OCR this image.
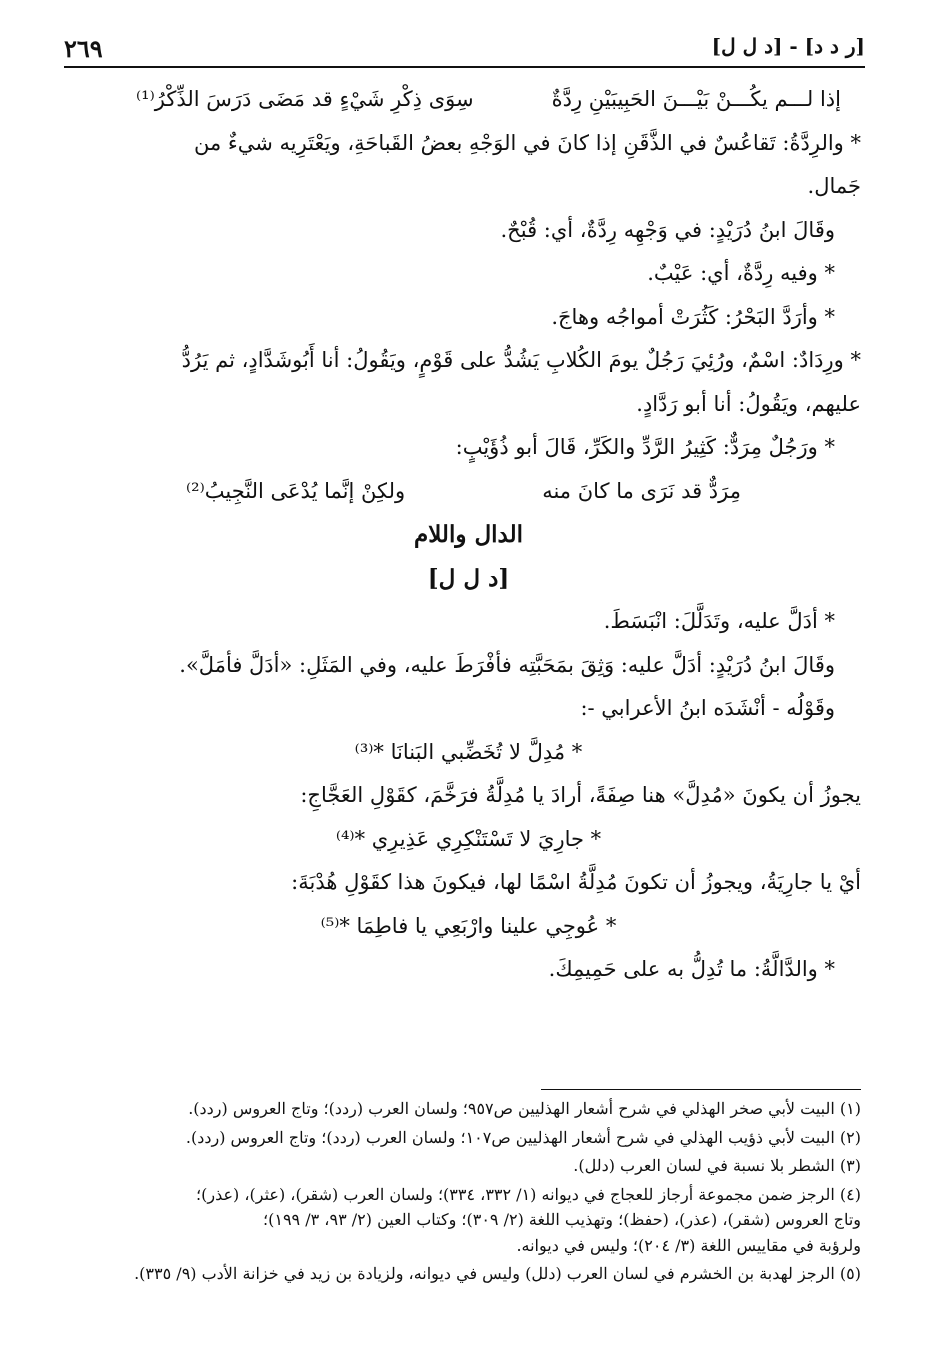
٢٦٩	[ر د د] - [د ل ل]
إذا لـــم يكُـــنْ بَيْـــنَ الحَبِيبَيْنِ رِدَّةٌ
سِوَى ذِكْرِ شَيْءٍ قد مَضَى دَرَسَ الذِّكْرُ⁽¹⁾
* والرِدَّةُ: تَقاعُسٌ في الذَّقَنِ إذا كانَ في الوَجْهِ بعضُ القَباحَةِ، ويَعْتَرِيه شيءٌ من
جَمال.
وقَالَ ابنُ دُرَيْدٍ: في وَجْهِه رِدَّةٌ، أي: قُبْحٌ.
* وفيه رِدَّةٌ، أي: عَيْبٌ.
* وأرَدَّ البَحْرُ: كَثُرَتْ أمواجُه وهاجَ.
* ورِدَادٌ: اسْمٌ، ورُئِيَ رَجُلٌ يومَ الكُلابِ يَشُدُّ على قَوْمٍ، ويَقُولُ: أنا أَبُوشَدَّادٍ، ثم يَرُدُّ
عليهم، ويَقُولُ: أنا أبو رَدَّادٍ.
* ورَجُلٌ مِرَدٌّ: كَثِيرُ الرَّدِّ والكَرِّ، قَالَ أبو ذُؤَيْبٍ:
مِرَدٌّ قد نَرَى ما كانَ منه
ولكِنْ إنَّما يُدْعَى النَّجِيبُ⁽²⁾
الدال واللام
[د ل ل]
* أدَلَّ عليه، وتَدَلَّلَ: انْبَسَطَ.
وقَالَ ابنُ دُرَيْدٍ: أدَلَّ عليه: وَثِقَ بمَحَبَّتِه فأفْرَطَ عليه، وفي المَثَلِ: «أدَلَّ فأمَلَّ».
وقَوْلُه - أنْشَدَه ابنُ الأعرابي -:
* مُدِلَّ لا تُخَضِّبي البَنانَا *⁽³⁾
يجوزُ أن يكونَ «مُدِلَّ» هنا صِفَةً، أرادَ يا مُدِلَّةُ فرَخَّمَ، كقَوْلِ العَجَّاجِ:
* جارِيَ لا تَسْتَنْكِرِي عَذِيرِي *⁽⁴⁾
أيْ يا جارِيَةُ، ويجوزُ أن تكونَ مُدِلَّةُ اسْمًا لها، فيكونَ هذا كقَوْلِ هُدْبَةَ:
* عُوجِي علينا وارْبَعِي يا فاطِمَا *⁽⁵⁾
* والدَّالَّةُ: ما تُدِلُّ به على حَمِيمِكَ.
(١) البيت لأبي صخر الهذلي في شرح أشعار الهذليين ص٩٥٧؛ ولسان العرب (ردد)؛ وتاج العروس (ردد).
(٢) البيت لأبي ذؤيب الهذلي في شرح أشعار الهذليين ص١٠٧؛ ولسان العرب (ردد)؛ وتاج العروس (ردد).
(٣) الشطر بلا نسبة في لسان العرب (دلل).
(٤) الرجز ضمن مجموعة أرجاز للعجاج في ديوانه (١/ ٣٣٢، ٣٣٤)؛ ولسان العرب (شقر)، (عثر)، (عذر)؛
وتاج العروس (شقر)، (عذر)، (حفظ)؛ وتهذيب اللغة (٢/ ٣٠٩)؛ وكتاب العين (٢/ ٩٣، ٣/ ١٩٩)؛
ولرؤبة في مقاييس اللغة (٣/ ٢٠٤)؛ وليس في ديوانه.
(٥) الرجز لهدبة بن الخشرم في لسان العرب (دلل) وليس في ديوانه، ولزيادة بن زيد في خزانة الأدب (٩/ ٣٣٥).
